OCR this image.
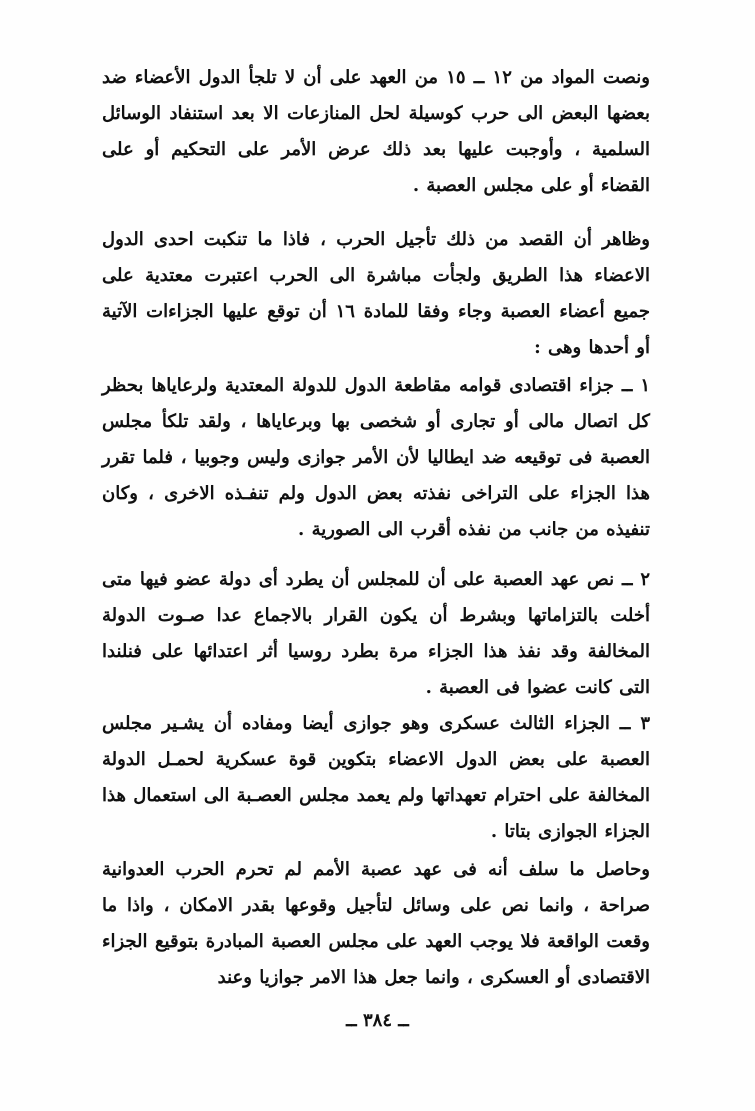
ونصت المواد من ١٢ ــ ١٥ من العهد على أن لا تلجأ الدول الأعضاء ضد بعضها البعض الى حرب كوسيلة لحل المنازعات الا بعد استنفاد الوسائل السلمية ، وأوجبت عليها بعد ذلك عرض الأمر على التحكيم أو على القضاء أو على مجلس العصبة .

وظاهر أن القصد من ذلك تأجيل الحرب ، فاذا ما تنكبت احدى الدول الاعضاء هذا الطريق ولجأت مباشرة الى الحرب اعتبرت معتدية على جميع أعضاء العصبة وجاء وفقا للمادة ١٦ أن توقع عليها الجزاءات الآتية أو أحدها وهى :

١ ــ جزاء اقتصادى قوامه مقاطعة الدول للدولة المعتدية ولرعاياها بحظر كل اتصال مالى أو تجارى أو شخصى بها وبرعاياها ، ولقد تلكأ مجلس العصبة فى توقيعه ضد ايطاليا لأن الأمر جوازى وليس وجوبيا ، فلما تقرر هذا الجزاء على التراخى نفذته بعض الدول ولم تنفـذه الاخرى ، وكان تنفيذه من جانب من نفذه أقرب الى الصورية .

٢ ــ نص عهد العصبة على أن للمجلس أن يطرد أى دولة عضو فيها متى أخلت بالتزاماتها وبشرط أن يكون القرار بالاجماع عدا صـوت الدولة المخالفة وقد نفذ هذا الجزاء مرة بطرد روسيا أثر اعتدائها على فنلندا التى كانت عضوا فى العصبة .

٣ ــ الجزاء الثالث عسكرى وهو جوازى أيضا ومفاده أن يشـير مجلس العصبة على بعض الدول الاعضاء بتكوين قوة عسكرية لحمـل الدولة المخالفة على احترام تعهداتها ولم يعمد مجلس العصـبة الى استعمال هذا الجزاء الجوازى بتاتا .

وحاصل ما سلف أنه فى عهد عصبة الأمم لم تحرم الحرب العدوانية صراحة ، وانما نص على وسائل لتأجيل وقوعها بقدر الامكان ، واذا ما وقعت الواقعة فلا يوجب العهد على مجلس العصبة المبادرة بتوقيع الجزاء الاقتصادى أو العسكرى ، وانما جعل هذا الامر جوازيا وعند

ــ ٣٨٤ ــ
